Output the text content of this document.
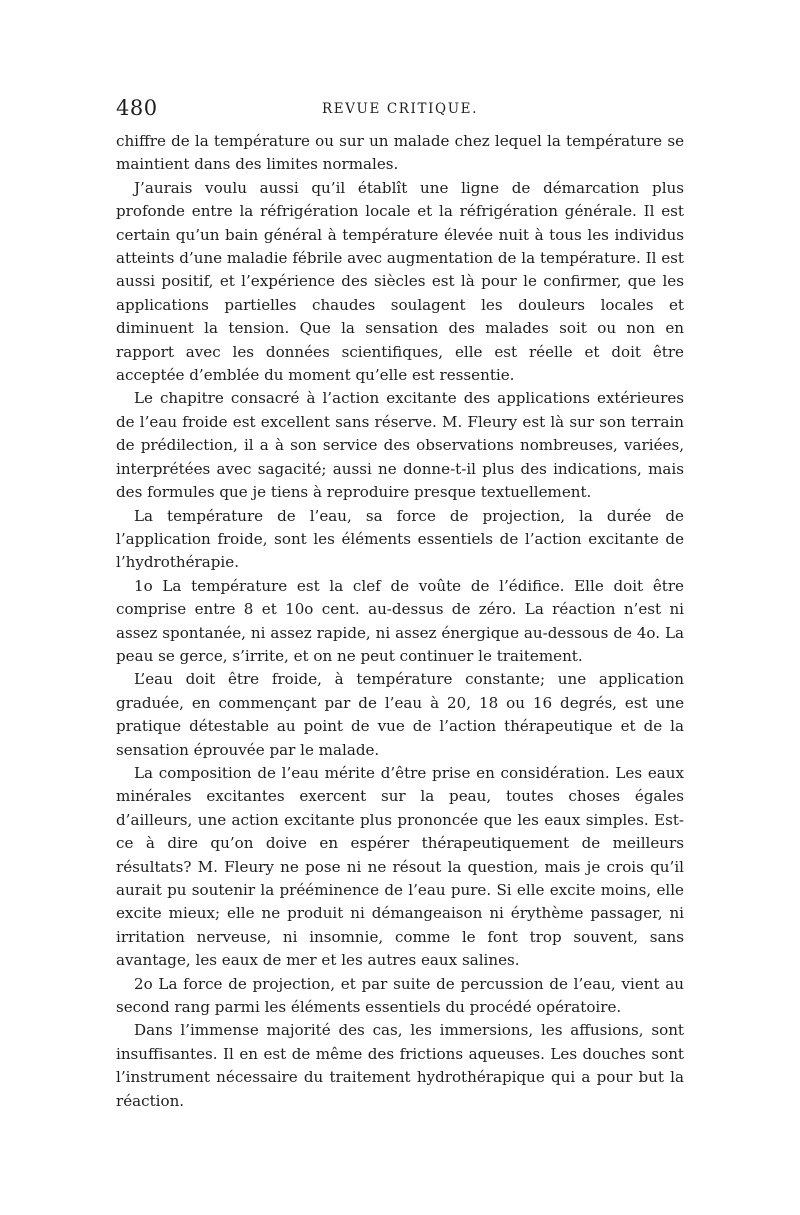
480	REVUE CRITIQUE.

chiffre de la température ou sur un malade chez lequel la température se maintient dans des limites normales.

J’aurais voulu aussi qu’il établît une ligne de démarcation plus profonde entre la réfrigération locale et la réfrigération générale. Il est certain qu’un bain général à température élevée nuit à tous les individus atteints d’une maladie fébrile avec augmentation de la température. Il est aussi positif, et l’expérience des siècles est là pour le confirmer, que les applications partielles chaudes soulagent les douleurs locales et diminuent la tension. Que la sensation des malades soit ou non en rapport avec les données scientifiques, elle est réelle et doit être acceptée d’emblée du moment qu’elle est ressentie.

Le chapitre consacré à l’action excitante des applications extérieures de l’eau froide est excellent sans réserve. M. Fleury est là sur son terrain de prédilection, il a à son service des observations nombreuses, variées, interprétées avec sagacité; aussi ne donne-t-il plus des indications, mais des formules que je tiens à reproduire presque textuellement.

La température de l’eau, sa force de projection, la durée de l’application froide, sont les éléments essentiels de l’action excitante de l’hydrothérapie.

1o La température est la clef de voûte de l’édifice. Elle doit être comprise entre 8 et 10o cent. au-dessus de zéro. La réaction n’est ni assez spontanée, ni assez rapide, ni assez énergique au-dessous de 4o. La peau se gerce, s’irrite, et on ne peut continuer le traitement.

L’eau doit être froide, à température constante; une application graduée, en commençant par de l’eau à 20, 18 ou 16 degrés, est une pratique détestable au point de vue de l’action thérapeutique et de la sensation éprouvée par le malade.

La composition de l’eau mérite d’être prise en considération. Les eaux minérales excitantes exercent sur la peau, toutes choses égales d’ailleurs, une action excitante plus prononcée que les eaux simples. Est-ce à dire qu’on doive en espérer thérapeutiquement de meilleurs résultats? M. Fleury ne pose ni ne résout la question, mais je crois qu’il aurait pu soutenir la prééminence de l’eau pure. Si elle excite moins, elle excite mieux; elle ne produit ni démangeaison ni érythème passager, ni irritation nerveuse, ni insomnie, comme le font trop souvent, sans avantage, les eaux de mer et les autres eaux salines.

2o La force de projection, et par suite de percussion de l’eau, vient au second rang parmi les éléments essentiels du procédé opératoire.

Dans l’immense majorité des cas, les immersions, les affusions, sont insuffisantes. Il en est de même des frictions aqueuses. Les douches sont l’instrument nécessaire du traitement hydrothérapique qui a pour but la réaction.
